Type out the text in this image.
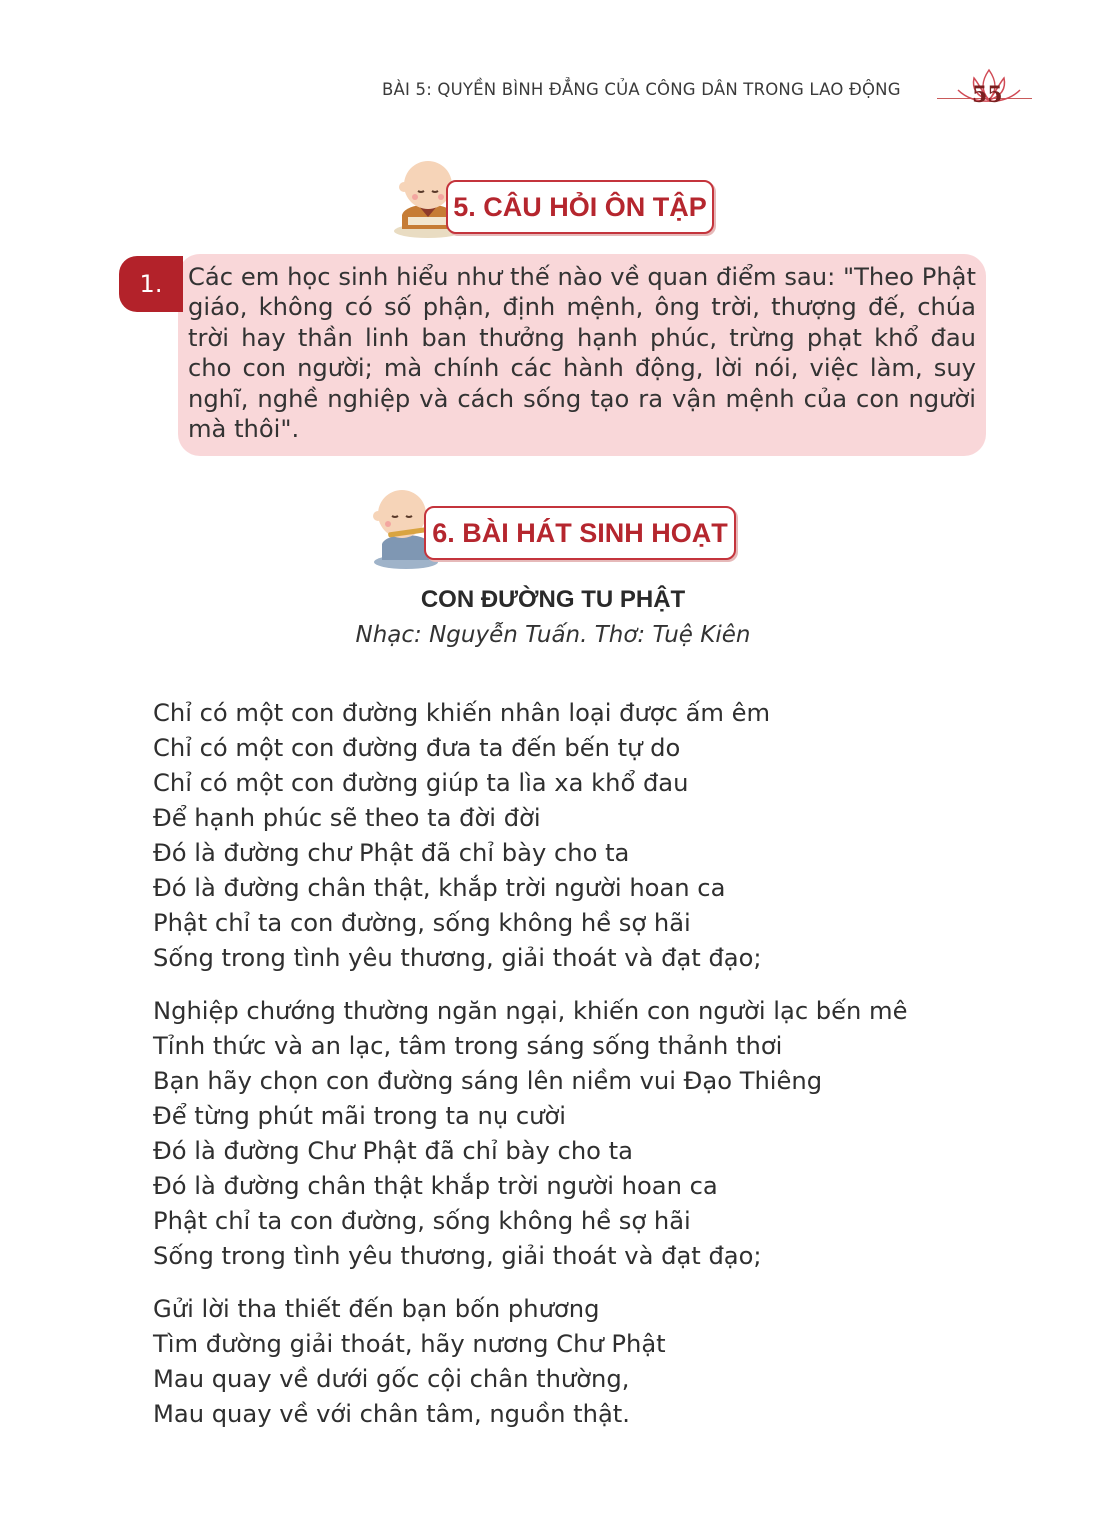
BÀI 5: QUYỀN BÌNH ĐẲNG CỦA CÔNG DÂN TRONG LAO ĐỘNG	55
5. CÂU HỎI ÔN TẬP
1.	Các em học sinh hiểu như thế nào về quan điểm sau: "Theo Phật giáo, không có số phận, định mệnh, ông trời, thượng đế, chúa trời hay thần linh ban thưởng hạnh phúc, trừng phạt khổ đau cho con người; mà chính các hành động, lời nói, việc làm, suy nghĩ, nghề nghiệp và cách sống tạo ra vận mệnh của con người mà thôi".
6. BÀI HÁT SINH HOẠT
CON ĐƯỜNG TU PHẬT
Nhạc: Nguyễn Tuấn. Thơ: Tuệ Kiên
Chỉ có một con đường khiến nhân loại được ấm êm
Chỉ có một con đường đưa ta đến bến tự do
Chỉ có một con đường giúp ta lìa xa khổ đau
Để hạnh phúc sẽ theo ta đời đời
Đó là đường chư Phật đã chỉ bày cho ta
Đó là đường chân thật, khắp trời người hoan ca
Phật chỉ ta con đường, sống không hề sợ hãi
Sống trong tình yêu thương, giải thoát và đạt đạo;
Nghiệp chướng thường ngăn ngại, khiến con người lạc bến mê
Tỉnh thức và an lạc, tâm trong sáng sống thảnh thơi
Bạn hãy chọn con đường sáng lên niềm vui Đạo Thiêng
Để từng phút mãi trong ta nụ cười
Đó là đường Chư Phật đã chỉ bày cho ta
Đó là đường chân thật khắp trời người hoan ca
Phật chỉ ta con đường, sống không hề sợ hãi
Sống trong tình yêu thương, giải thoát và đạt đạo;
Gửi lời tha thiết đến bạn bốn phương
Tìm đường giải thoát, hãy nương Chư Phật
Mau quay về dưới gốc cội chân thường,
Mau quay về với chân tâm, nguồn thật.
